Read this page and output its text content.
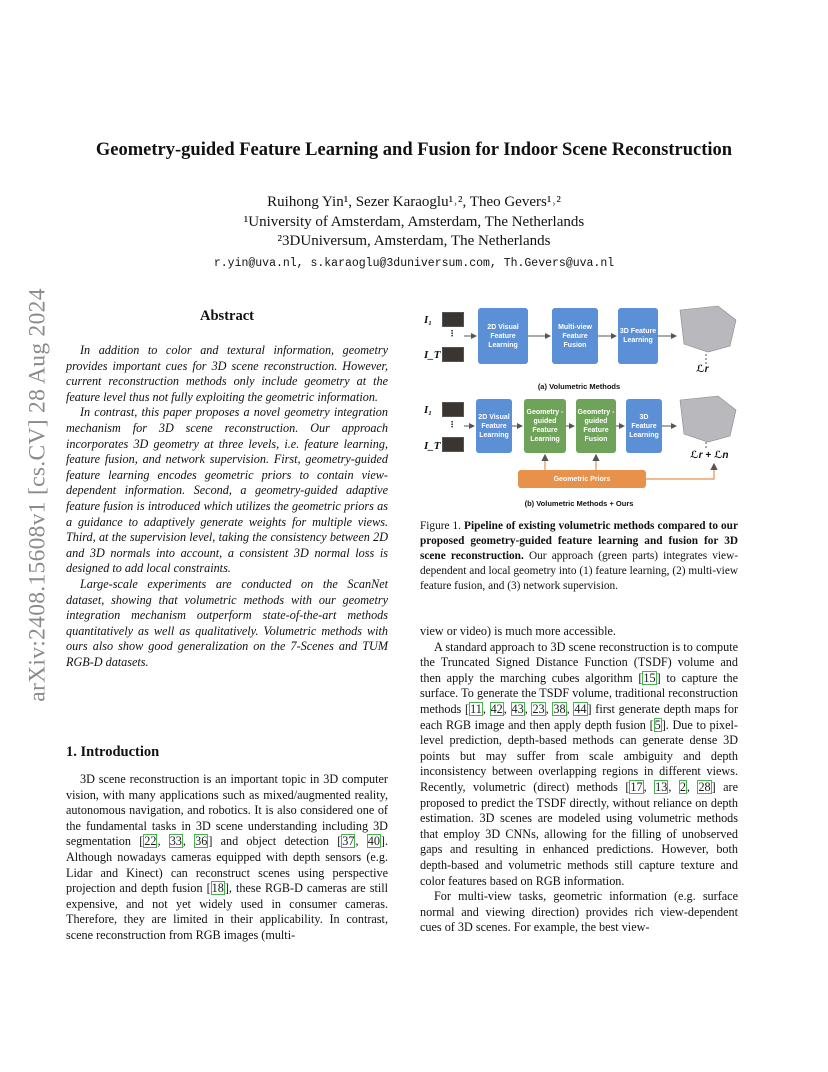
arXiv:2408.15608v1 [cs.CV] 28 Aug 2024
Geometry-guided Feature Learning and Fusion for Indoor Scene Reconstruction
Ruihong Yin¹, Sezer Karaoglu¹˒², Theo Gevers¹˒²
¹University of Amsterdam, Amsterdam, The Netherlands
²3DUniversum, Amsterdam, The Netherlands
r.yin@uva.nl, s.karaoglu@3duniversum.com, Th.Gevers@uva.nl
Abstract

In addition to color and textural information, geometry provides important cues for 3D scene reconstruction. However, current reconstruction methods only include geometry at the feature level thus not fully exploiting the geometric information.

In contrast, this paper proposes a novel geometry integration mechanism for 3D scene reconstruction. Our approach incorporates 3D geometry at three levels, i.e. feature learning, feature fusion, and network supervision. First, geometry-guided feature learning encodes geometric priors to contain view-dependent information. Second, a geometry-guided adaptive feature fusion is introduced which utilizes the geometric priors as a guidance to adaptively generate weights for multiple views. Third, at the supervision level, taking the consistency between 2D and 3D normals into account, a consistent 3D normal loss is designed to add local constraints.

Large-scale experiments are conducted on the ScanNet dataset, showing that volumetric methods with our geometry integration mechanism outperform state-of-the-art methods quantitatively as well as qualitatively. Volumetric methods with ours also show good generalization on the 7-Scenes and TUM RGB-D datasets.

1. Introduction

3D scene reconstruction is an important topic in 3D computer vision, with many applications such as mixed/augmented reality, autonomous navigation, and robotics. It is also considered one of the fundamental tasks in 3D scene understanding including 3D segmentation [22, 33, 36] and object detection [37, 40]. Although nowadays cameras equipped with depth sensors (e.g. Lidar and Kinect) can reconstruct scenes using perspective projection and depth fusion [18], these RGB-D cameras are still expensive, and not yet widely used in consumer cameras. Therefore, they are limited in their applicability. In contrast, scene reconstruction from RGB images (multi-

I₁
⋮
I_T
2D Visual Feature Learning
Multi-view Feature Fusion
3D Feature Learning
ℒr
(a) Volumetric Methods
I₁
⋮
I_T
2D Visual Feature Learning
Geometry -guided Feature Learning
Geometry -guided Feature Fusion
3D Feature Learning
ℒr + ℒn
Geometric Priors
(b) Volumetric Methods + Ours
Figure 1. Pipeline of existing volumetric methods compared to our proposed geometry-guided feature learning and fusion for 3D scene reconstruction. Our approach (green parts) integrates view-dependent and local geometry into (1) feature learning, (2) multi-view feature fusion, and (3) network supervision.

view or video) is much more accessible.

A standard approach to 3D scene reconstruction is to compute the Truncated Signed Distance Function (TSDF) volume and then apply the marching cubes algorithm [15] to capture the surface. To generate the TSDF volume, traditional reconstruction methods [11, 42, 43, 23, 38, 44] first generate depth maps for each RGB image and then apply depth fusion [5]. Due to pixel-level prediction, depth-based methods can generate dense 3D points but may suffer from scale ambiguity and depth inconsistency between overlapping regions in different views. Recently, volumetric (direct) methods [17, 13, 2, 28] are proposed to predict the TSDF directly, without reliance on depth estimation. 3D scenes are modeled using volumetric methods that employ 3D CNNs, allowing for the filling of unobserved gaps and resulting in enhanced predictions. However, both depth-based and volumetric methods still capture texture and color features based on RGB information.

For multi-view tasks, geometric information (e.g. surface normal and viewing direction) provides rich view-dependent cues of 3D scenes. For example, the best view-
